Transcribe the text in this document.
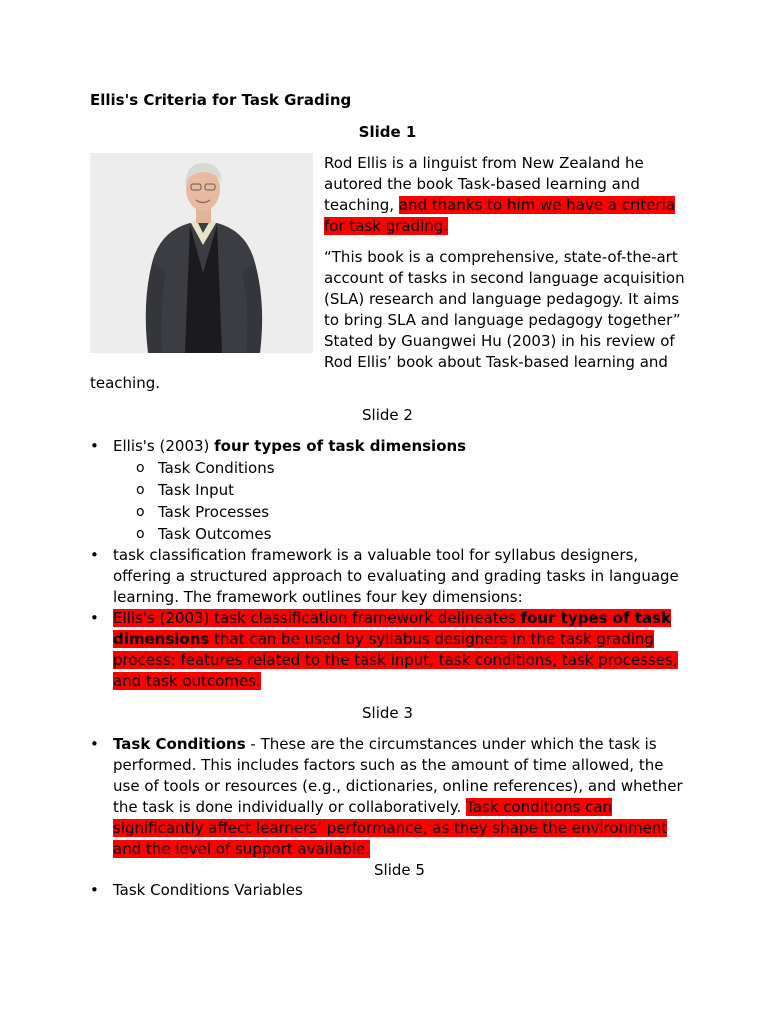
Ellis's Criteria for Task Grading
Slide 1

Rod Ellis is a linguist from New Zealand he autored the book Task-based learning and teaching, and thanks to him we have a criteria for task grading.

“This book is a comprehensive, state-of-the-art account of tasks in second language acquisition (SLA) research and language pedagogy. It aims to bring SLA and language pedagogy together” Stated by Guangwei Hu (2003) in his review of Rod Ellis’ book about Task-based learning and teaching.

Slide 2
• Ellis's (2003) four types of task dimensions
o Task Conditions
o Task Input
o Task Processes
o Task Outcomes
• task classification framework is a valuable tool for syllabus designers, offering a structured approach to evaluating and grading tasks in language learning. The framework outlines four key dimensions:
• Ellis's (2003) task classification framework delineates four types of task dimensions that can be used by syllabus designers in the task grading process: features related to the task input, task conditions, task processes, and task outcomes.
Slide 3
• Task Conditions - These are the circumstances under which the task is performed. This includes factors such as the amount of time allowed, the use of tools or resources (e.g., dictionaries, online references), and whether the task is done individually or collaboratively. Task conditions can significantly affect learners’ performance, as they shape the environment and the level of support available.
Slide 5
• Task Conditions Variables
